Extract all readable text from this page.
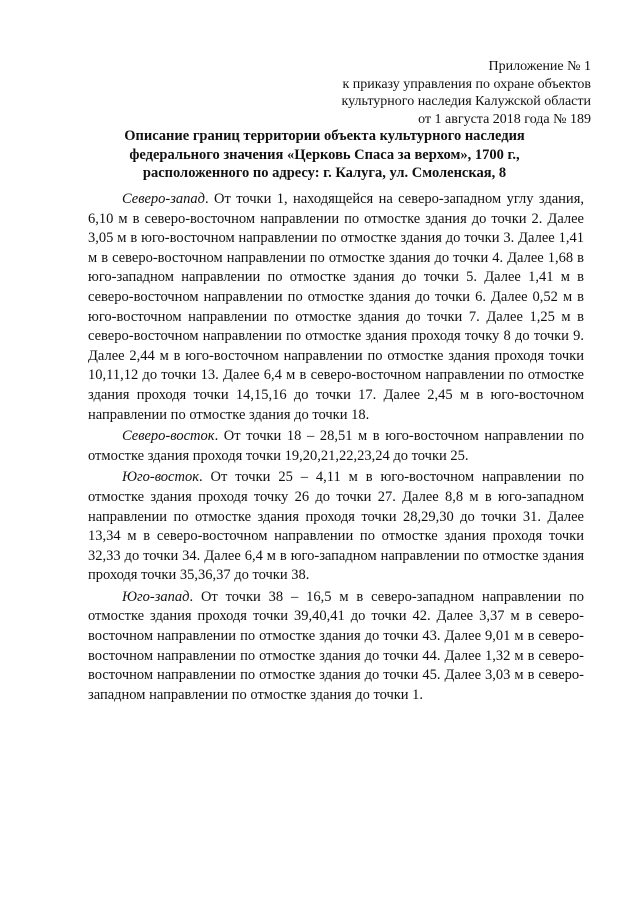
Приложение № 1
к приказу управления по охране объектов
культурного наследия Калужской области
от 1 августа 2018 года № 189
Описание границ территории объекта культурного наследия федерального значения «Церковь Спаса за верхом», 1700 г., расположенного по адресу: г. Калуга, ул. Смоленская, 8

Северо-запад. От точки 1, находящейся на северо-западном углу здания, 6,10 м в северо-восточном направлении по отмостке здания до точки 2. Далее 3,05 м в юго-восточном направлении по отмостке здания до точки 3. Далее 1,41 м в северо-восточном направлении по отмостке здания до точки 4. Далее 1,68 в юго-западном направлении по отмостке здания до точки 5. Далее 1,41 м в северо-восточном направлении по отмостке здания до точки 6. Далее 0,52 м в юго-восточном направлении по отмостке здания до точки 7. Далее 1,25 м в северо-восточном направлении по отмостке здания проходя точку 8 до точки 9. Далее 2,44 м в юго-восточном направлении по отмостке здания проходя точки 10,11,12 до точки 13. Далее 6,4 м в северо-восточном направлении по отмостке здания проходя точки 14,15,16 до точки 17. Далее 2,45 м в юго-восточном направлении по отмостке здания до точки 18.

Северо-восток. От точки 18 – 28,51 м в юго-восточном направлении по отмостке здания проходя точки 19,20,21,22,23,24 до точки 25.

Юго-восток. От точки 25 – 4,11 м в юго-восточном направлении по отмостке здания проходя точку 26 до точки 27. Далее 8,8 м в юго-западном направлении по отмостке здания проходя точки 28,29,30 до точки 31. Далее 13,34 м в северо-восточном направлении по отмостке здания проходя точки 32,33 до точки 34. Далее 6,4 м в юго-западном направлении по отмостке здания проходя точки 35,36,37 до точки 38.

Юго-запад. От точки 38 – 16,5 м в северо-западном направлении по отмостке здания проходя точки 39,40,41 до точки 42. Далее 3,37 м в северо-восточном направлении по отмостке здания до точки 43. Далее 9,01 м в северо-восточном направлении по отмостке здания до точки 44. Далее 1,32 м в северо-восточном направлении по отмостке здания до точки 45. Далее 3,03 м в северо-западном направлении по отмостке здания до точки 1.
